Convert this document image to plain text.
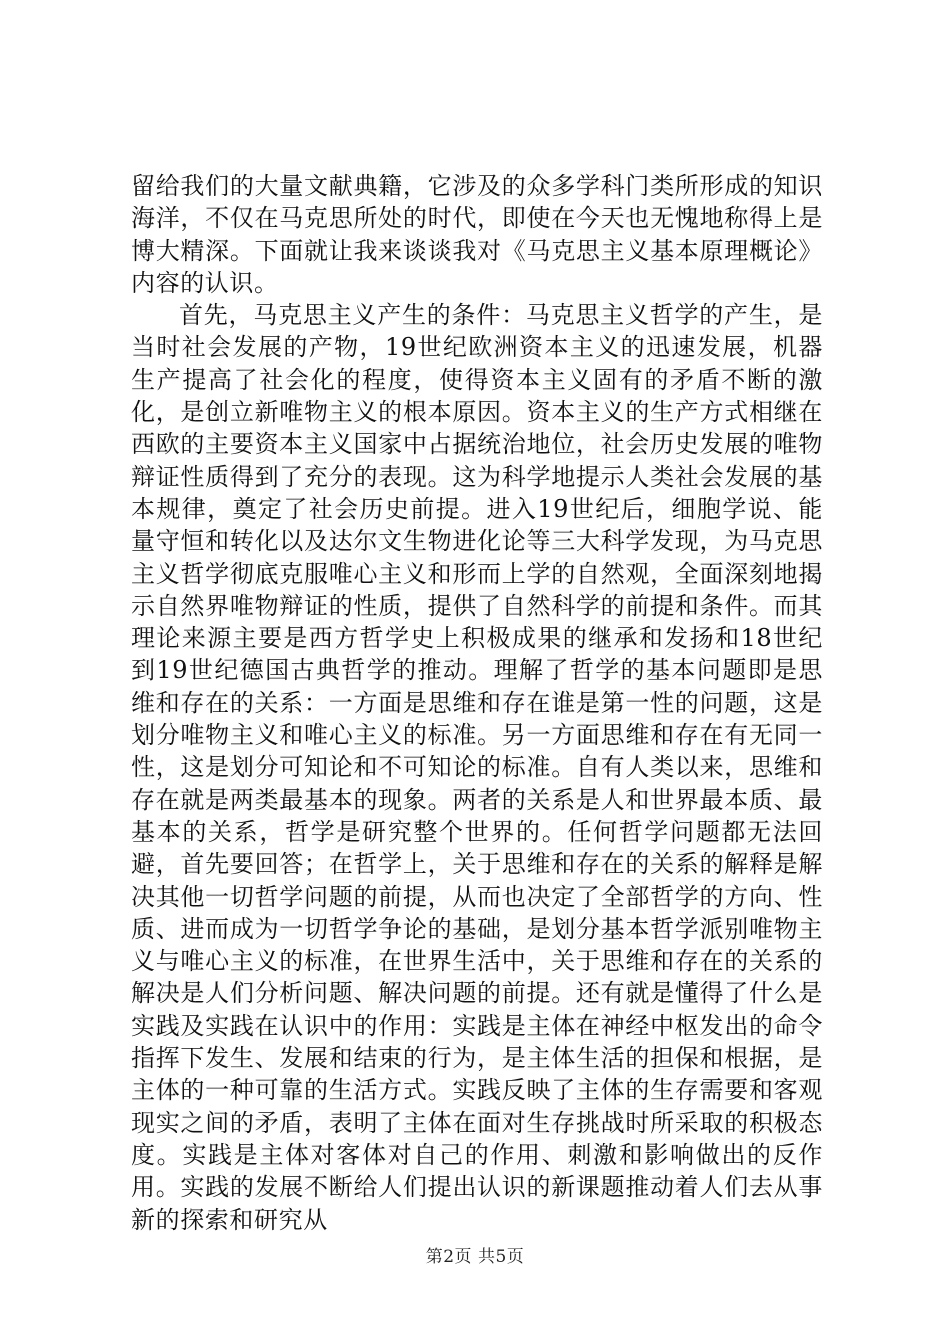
留给我们的大量文献典籍，它涉及的众多学科门类所形成的知识海洋，不仅在马克思所处的时代，即使在今天也无愧地称得上是博大精深。下面就让我来谈谈我对《马克思主义基本原理概论》内容的认识。

首先，马克思主义产生的条件：马克思主义哲学的产生，是当时社会发展的产物，19世纪欧洲资本主义的迅速发展，机器生产提高了社会化的程度，使得资本主义固有的矛盾不断的激化，是创立新唯物主义的根本原因。资本主义的生产方式相继在西欧的主要资本主义国家中占据统治地位，社会历史发展的唯物辩证性质得到了充分的表现。这为科学地提示人类社会发展的基本规律，奠定了社会历史前提。进入19世纪后，细胞学说、能量守恒和转化以及达尔文生物进化论等三大科学发现，为马克思主义哲学彻底克服唯心主义和形而上学的自然观，全面深刻地揭示自然界唯物辩证的性质，提供了自然科学的前提和条件。而其理论来源主要是西方哲学史上积极成果的继承和发扬和18世纪到19世纪德国古典哲学的推动。理解了哲学的基本问题即是思维和存在的关系：一方面是思维和存在谁是第一性的问题，这是划分唯物主义和唯心主义的标准。另一方面思维和存在有无同一性，这是划分可知论和不可知论的标准。自有人类以来，思维和存在就是两类最基本的现象。两者的关系是人和世界最本质、最基本的关系，哲学是研究整个世界的。任何哲学问题都无法回避，首先要回答；在哲学上，关于思维和存在的关系的解释是解决其他一切哲学问题的前提，从而也决定了全部哲学的方向、性质、进而成为一切哲学争论的基础，是划分基本哲学派别唯物主义与唯心主义的标准，在世界生活中，关于思维和存在的关系的解决是人们分析问题、解决问题的前提。还有就是懂得了什么是实践及实践在认识中的作用：实践是主体在神经中枢发出的命令指挥下发生、发展和结束的行为，是主体生活的担保和根据，是主体的一种可靠的生活方式。实践反映了主体的生存需要和客观现实之间的矛盾，表明了主体在面对生存挑战时所采取的积极态度。实践是主体对客体对自己的作用、刺激和影响做出的反作用。实践的发展不断给人们提出认识的新课题推动着人们去从事新的探索和研究从

第2页 共5页
